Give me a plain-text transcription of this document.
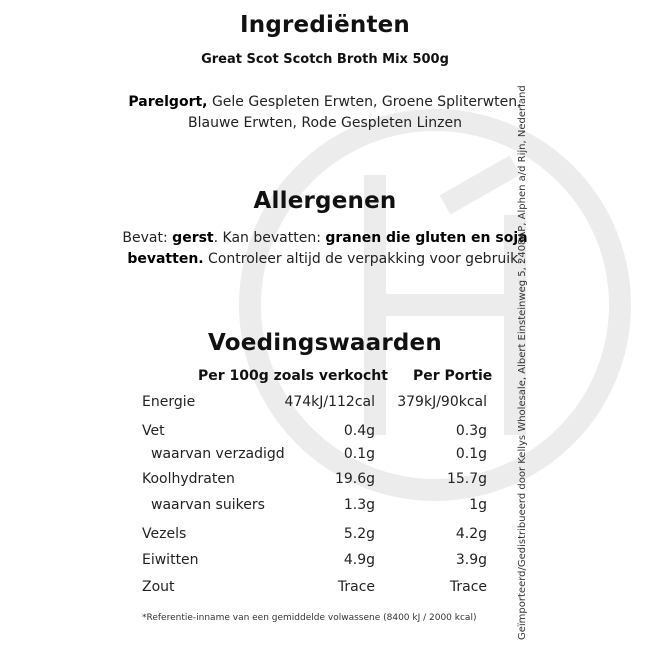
Ingrediënten
Great Scot Scotch Broth Mix 500g
Parelgort, Gele Gespleten Erwten, Groene Spliterwten,
Blauwe Erwten, Rode Gespleten Linzen
Allergenen
Bevat: gerst. Kan bevatten: granen die gluten en soja
bevatten. Controleer altijd de verpakking voor gebruik.
Voedingswaarden
Per 100g zoals verkocht Per Portie
Energie	474kJ/112cal 379kJ/90kcal
Vet	0.4g	0.3g
waarvan verzadigd	0.1g	0.1g
Koolhydraten	19.6g	15.7g
waarvan suikers	1.3g	1g
Vezels	5.2g	4.2g
Eiwitten	4.9g	3.9g
Zout	Trace	Trace
*Referentie-inname van een gemiddelde volwassene (8400 kJ / 2000 kcal)	Geïmporteerd/Gedistribueerd door Kellys Wholesale, Albert Einsteinweg 5, 2408AP, Alphen a/d Rijn, Nederland
